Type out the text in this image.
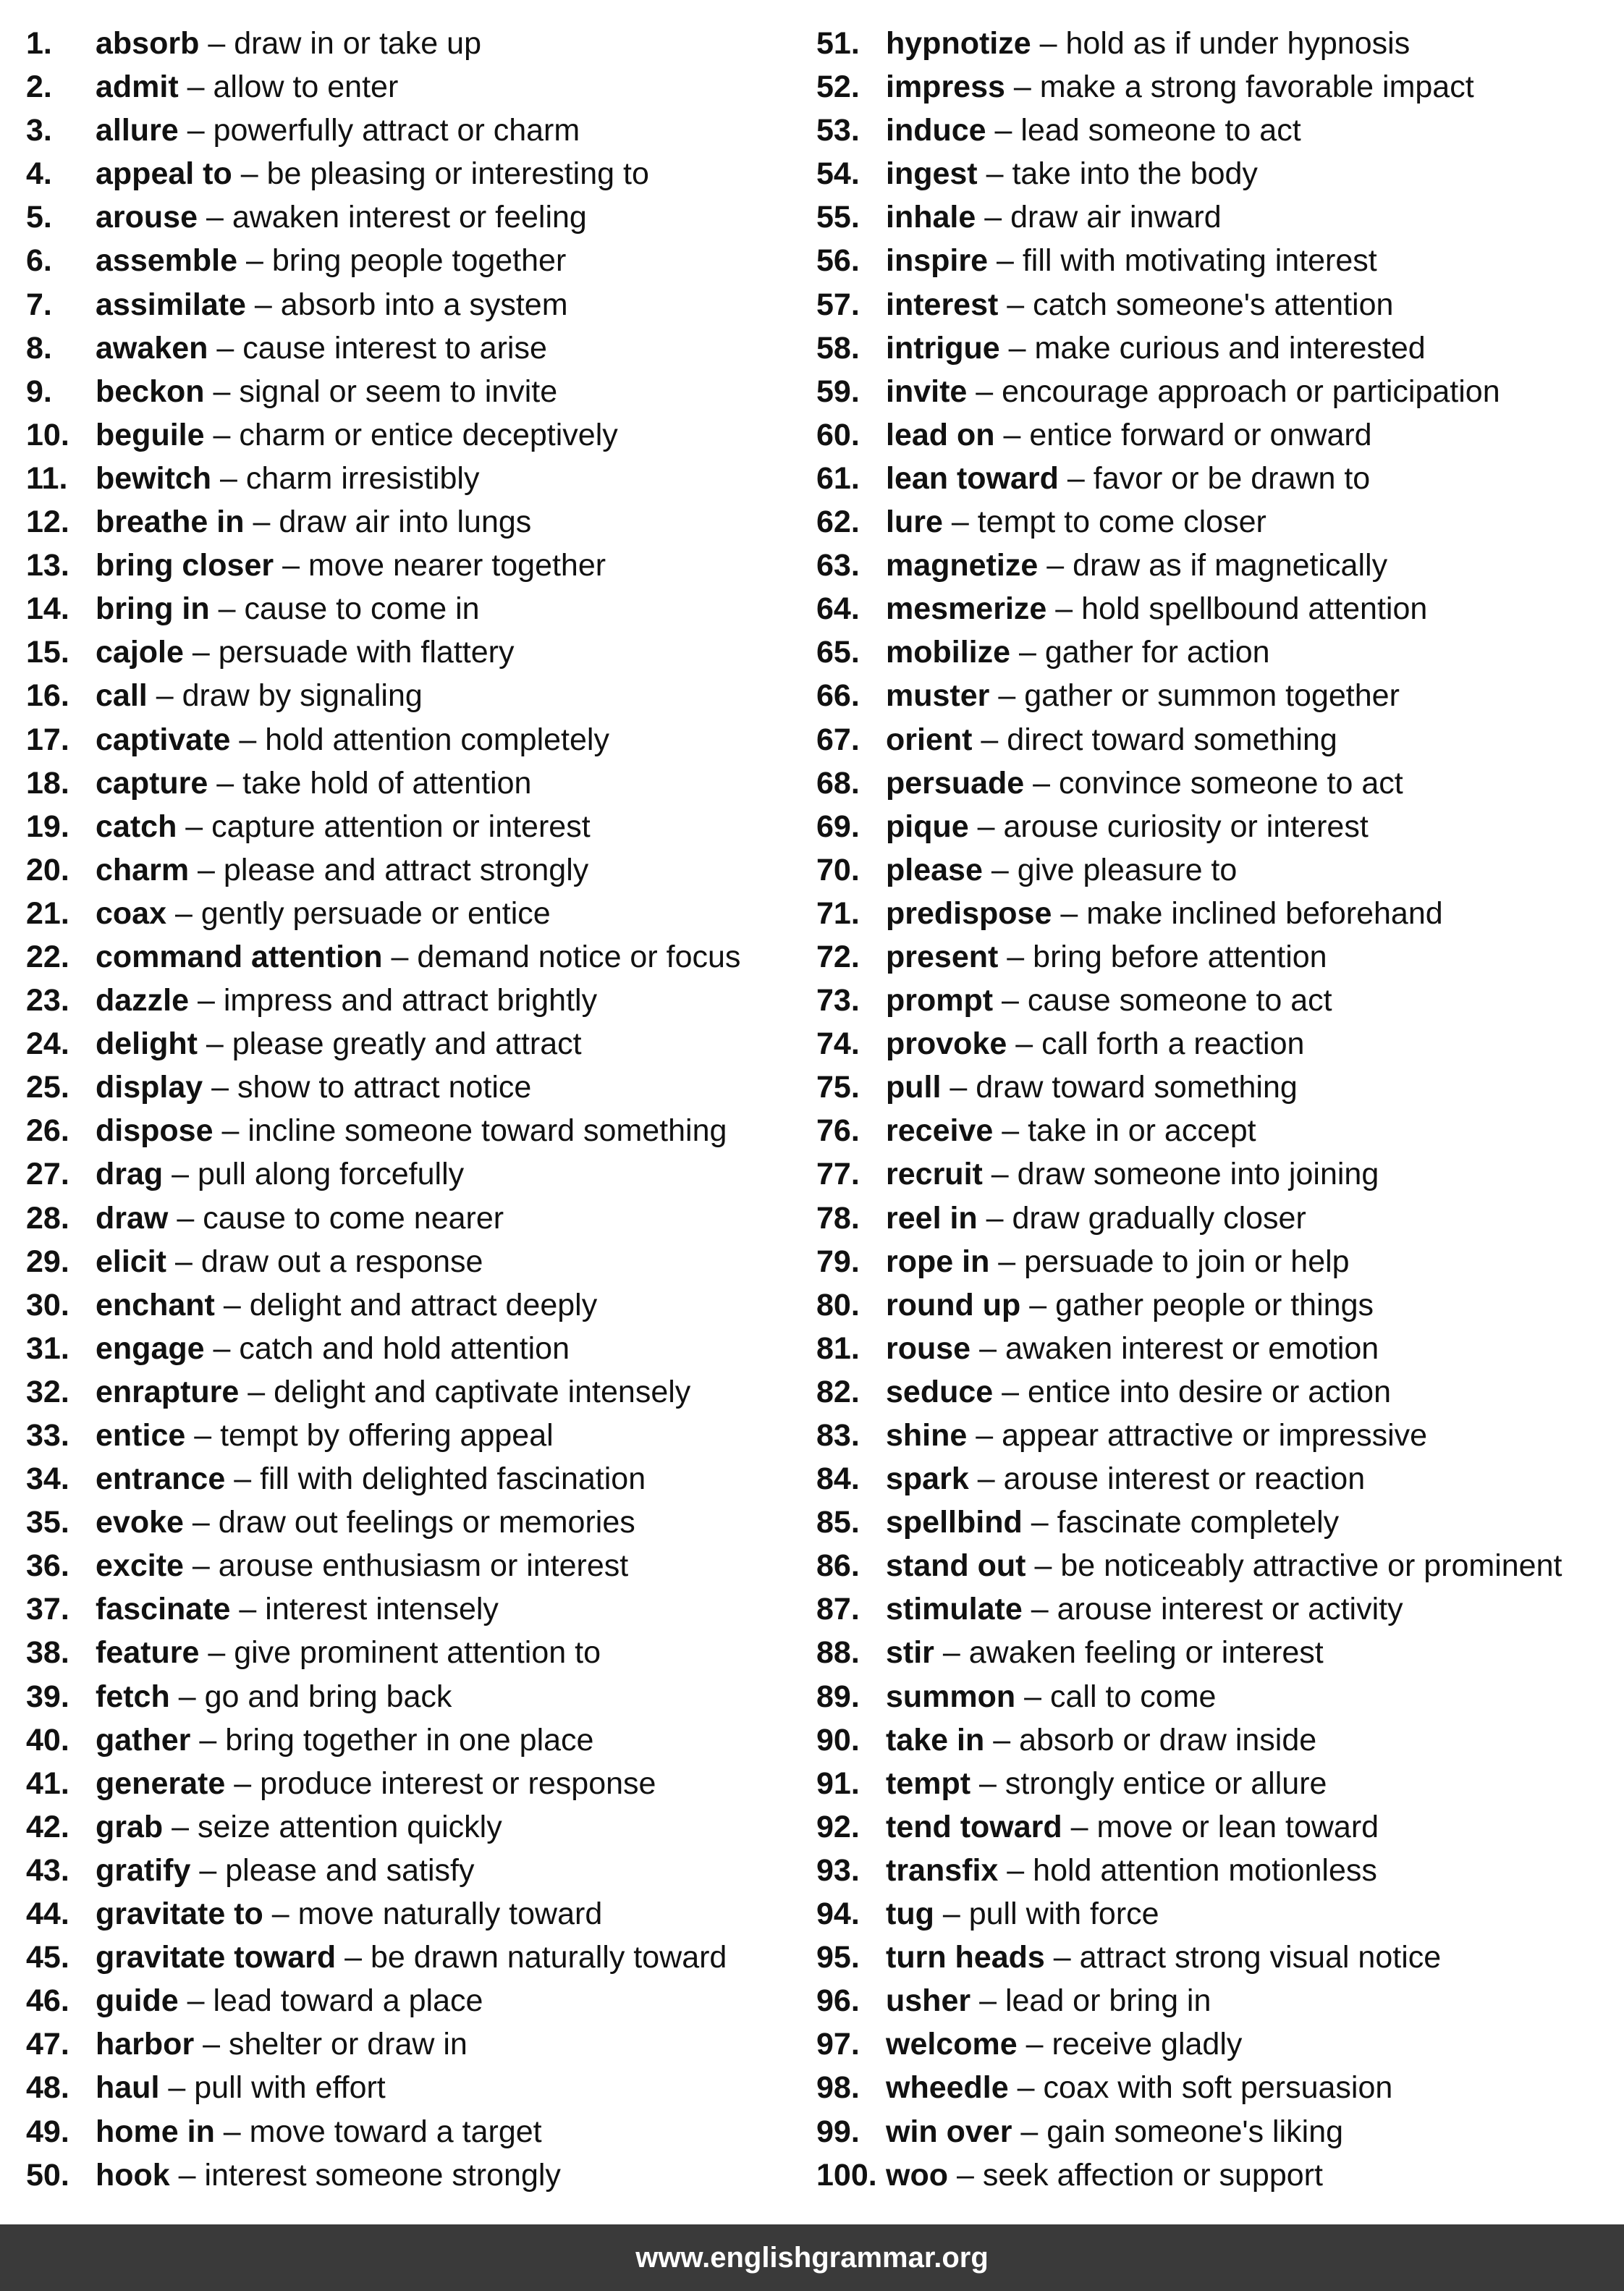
1. absorb – draw in or take up
2. admit – allow to enter
3. allure – powerfully attract or charm
4. appeal to – be pleasing or interesting to
5. arouse – awaken interest or feeling
6. assemble – bring people together
7. assimilate – absorb into a system
8. awaken – cause interest to arise
9. beckon – signal or seem to invite
10. beguile – charm or entice deceptively
11. bewitch – charm irresistibly
12. breathe in – draw air into lungs
13. bring closer – move nearer together
14. bring in – cause to come in
15. cajole – persuade with flattery
16. call – draw by signaling
17. captivate – hold attention completely
18. capture – take hold of attention
19. catch – capture attention or interest
20. charm – please and attract strongly
21. coax – gently persuade or entice
22. command attention – demand notice or focus
23. dazzle – impress and attract brightly
24. delight – please greatly and attract
25. display – show to attract notice
26. dispose – incline someone toward something
27. drag – pull along forcefully
28. draw – cause to come nearer
29. elicit – draw out a response
30. enchant – delight and attract deeply
31. engage – catch and hold attention
32. enrapture – delight and captivate intensely
33. entice – tempt by offering appeal
34. entrance – fill with delighted fascination
35. evoke – draw out feelings or memories
36. excite – arouse enthusiasm or interest
37. fascinate – interest intensely
38. feature – give prominent attention to
39. fetch – go and bring back
40. gather – bring together in one place
41. generate – produce interest or response
42. grab – seize attention quickly
43. gratify – please and satisfy
44. gravitate to – move naturally toward
45. gravitate toward – be drawn naturally toward
46. guide – lead toward a place
47. harbor – shelter or draw in
48. haul – pull with effort
49. home in – move toward a target
50. hook – interest someone strongly
51. hypnotize – hold as if under hypnosis
52. impress – make a strong favorable impact
53. induce – lead someone to act
54. ingest – take into the body
55. inhale – draw air inward
56. inspire – fill with motivating interest
57. interest – catch someone's attention
58. intrigue – make curious and interested
59. invite – encourage approach or participation
60. lead on – entice forward or onward
61. lean toward – favor or be drawn to
62. lure – tempt to come closer
63. magnetize – draw as if magnetically
64. mesmerize – hold spellbound attention
65. mobilize – gather for action
66. muster – gather or summon together
67. orient – direct toward something
68. persuade – convince someone to act
69. pique – arouse curiosity or interest
70. please – give pleasure to
71. predispose – make inclined beforehand
72. present – bring before attention
73. prompt – cause someone to act
74. provoke – call forth a reaction
75. pull – draw toward something
76. receive – take in or accept
77. recruit – draw someone into joining
78. reel in – draw gradually closer
79. rope in – persuade to join or help
80. round up – gather people or things
81. rouse – awaken interest or emotion
82. seduce – entice into desire or action
83. shine – appear attractive or impressive
84. spark – arouse interest or reaction
85. spellbind – fascinate completely
86. stand out – be noticeably attractive or prominent
87. stimulate – arouse interest or activity
88. stir – awaken feeling or interest
89. summon – call to come
90. take in – absorb or draw inside
91. tempt – strongly entice or allure
92. tend toward – move or lean toward
93. transfix – hold attention motionless
94. tug – pull with force
95. turn heads – attract strong visual notice
96. usher – lead or bring in
97. welcome – receive gladly
98. wheedle – coax with soft persuasion
99. win over – gain someone's liking
100. woo – seek affection or support
www.englishgrammar.org
